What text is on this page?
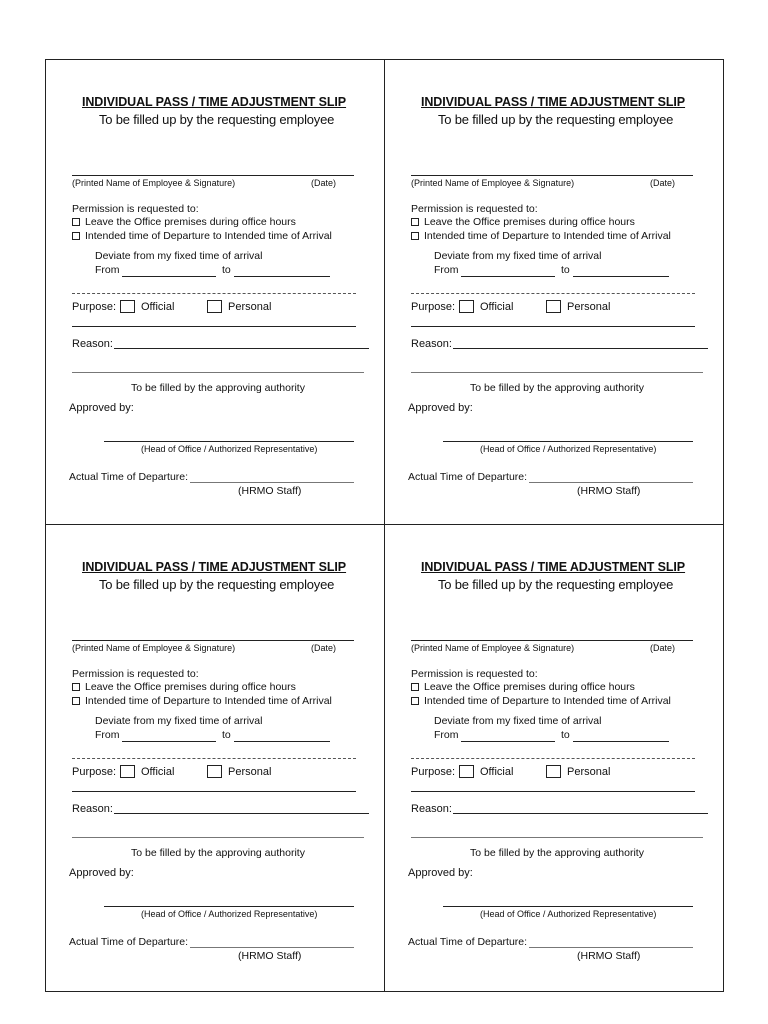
INDIVIDUAL PASS / TIME ADJUSTMENT SLIP
To be filled up by the requesting employee
(Printed Name of Employee & Signature)	(Date)
Permission is requested to:
Leave the Office premises during office hours
Intended time of Departure to Intended time of Arrival
Deviate from my fixed time of arrival
From	to
Purpose: Official	Personal
Reason:
To be filled by the approving authority
Approved by:
(Head of Office / Authorized Representative)
Actual Time of Departure:
(HRMO Staff)
INDIVIDUAL PASS / TIME ADJUSTMENT SLIP
To be filled up by the requesting employee
(Printed Name of Employee & Signature)	(Date)
Permission is requested to:
Leave the Office premises during office hours
Intended time of Departure to Intended time of Arrival
Deviate from my fixed time of arrival
From	to
Purpose: Official	Personal
Reason:
To be filled by the approving authority
Approved by:
(Head of Office / Authorized Representative)
Actual Time of Departure:
(HRMO Staff)
INDIVIDUAL PASS / TIME ADJUSTMENT SLIP
To be filled up by the requesting employee
(Printed Name of Employee & Signature)	(Date)
Permission is requested to:
Leave the Office premises during office hours
Intended time of Departure to Intended time of Arrival
Deviate from my fixed time of arrival
From	to
Purpose: Official	Personal
Reason:
To be filled by the approving authority
Approved by:
(Head of Office / Authorized Representative)
Actual Time of Departure:
(HRMO Staff)
INDIVIDUAL PASS / TIME ADJUSTMENT SLIP
To be filled up by the requesting employee
(Printed Name of Employee & Signature)	(Date)
Permission is requested to:
Leave the Office premises during office hours
Intended time of Departure to Intended time of Arrival
Deviate from my fixed time of arrival
From	to
Purpose: Official	Personal
Reason:
To be filled by the approving authority
Approved by:
(Head of Office / Authorized Representative)
Actual Time of Departure:
(HRMO Staff)
